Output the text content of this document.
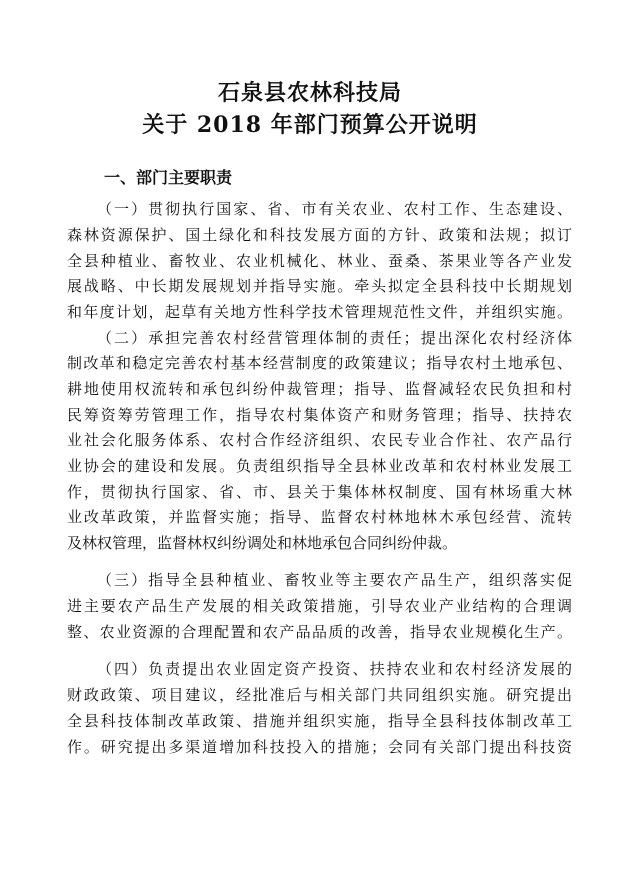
石泉县农林科技局
关于 2018 年部门预算公开说明
一、部门主要职责
（一）贯彻执行国家、省、市有关农业、农村工作、生态建设、
森林资源保护、国土绿化和科技发展方面的方针、政策和法规；拟订
全县种植业、畜牧业、农业机械化、林业、蚕桑、茶果业等各产业发
展战略、中长期发展规划并指导实施。牵头拟定全县科技中长期规划
和年度计划，起草有关地方性科学技术管理规范性文件，并组织实施。
（二）承担完善农村经营管理体制的责任；提出深化农村经济体
制改革和稳定完善农村基本经营制度的政策建议；指导农村土地承包、
耕地使用权流转和承包纠纷仲裁管理；指导、监督减轻农民负担和村
民筹资筹劳管理工作，指导农村集体资产和财务管理；指导、扶持农
业社会化服务体系、农村合作经济组织、农民专业合作社、农产品行
业协会的建设和发展。负责组织指导全县林业改革和农村林业发展工
作，贯彻执行国家、省、市、县关于集体林权制度、国有林场重大林
业改革政策，并监督实施；指导、监督农村林地林木承包经营、流转
及林权管理，监督林权纠纷调处和林地承包合同纠纷仲裁。
（三）指导全县种植业、畜牧业等主要农产品生产，组织落实促
进主要农产品生产发展的相关政策措施，引导农业产业结构的合理调
整、农业资源的合理配置和农产品品质的改善，指导农业规模化生产。
（四）负责提出农业固定资产投资、扶持农业和农村经济发展的
财政政策、项目建议，经批准后与相关部门共同组织实施。研究提出
全县科技体制改革政策、措施并组织实施，指导全县科技体制改革工
作。研究提出多渠道增加科技投入的措施；会同有关部门提出科技资
